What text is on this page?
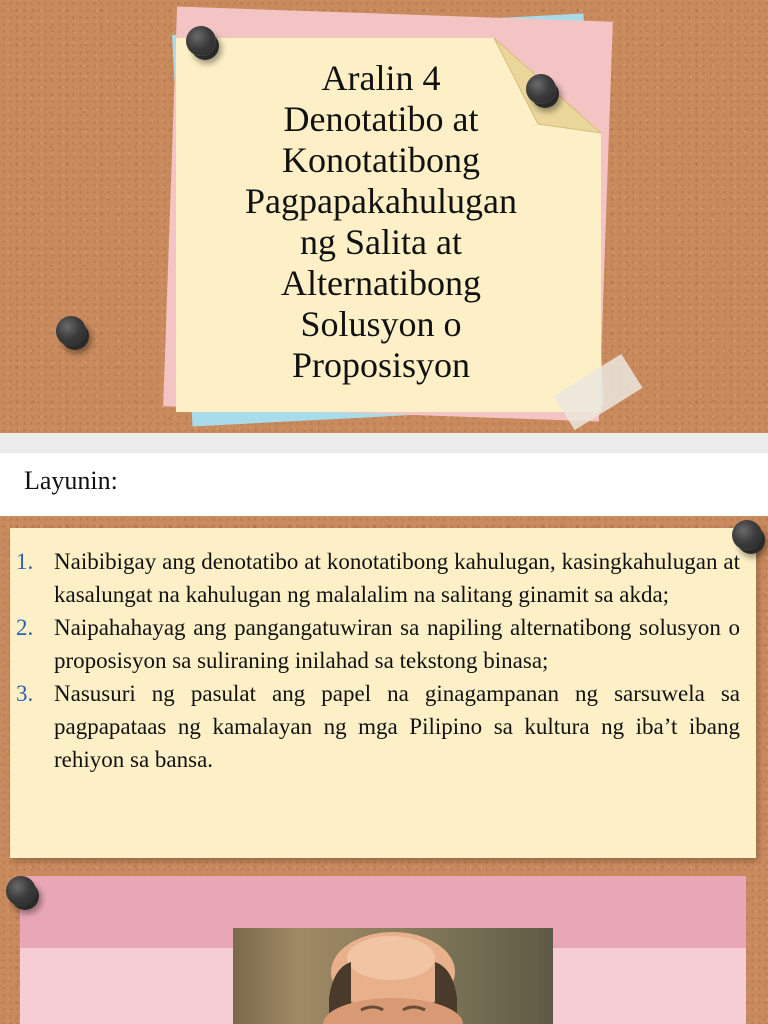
Aralin 4
Denotatibo at
Konotatibong
Pagpapakahulugan
ng Salita at
Alternatibong
Solusyon o
Proposisyon
Layunin:
1. Naibibigay ang denotatibo at konotatibong kahulugan, kasingkahulugan at kasalungat na kahulugan ng malalalim na salitang ginamit sa akda;
2. Naipahahayag ang pangangatuwiran sa napiling alternatibong solusyon o proposisyon sa suliraning inilahad sa tekstong binasa;
3. Nasusuri ng pasulat ang papel na ginagampanan ng sarsuwela sa pagpapataas ng kamalayan ng mga Pilipino sa kultura ng iba’t ibang rehiyon sa bansa.
